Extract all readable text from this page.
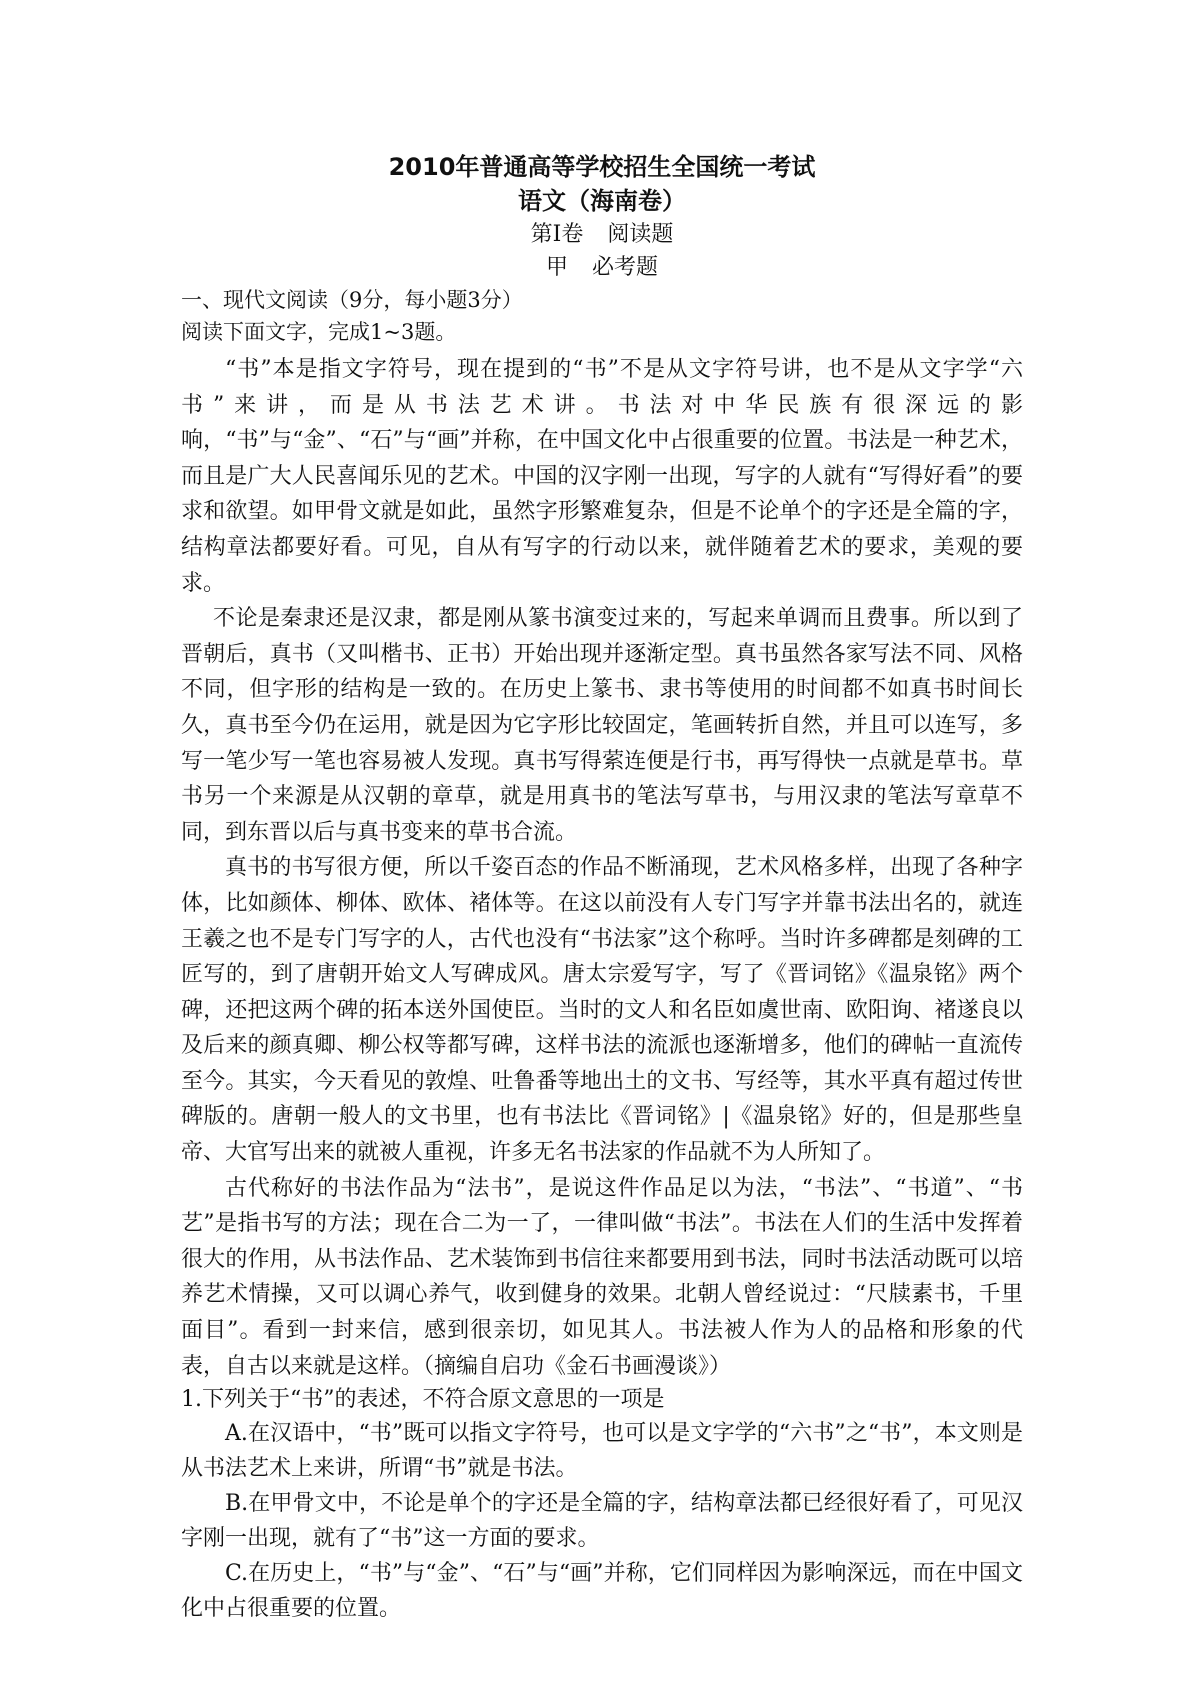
2010年普通高等学校招生全国统一考试
语文（海南卷）

第Ⅰ卷 阅读题

甲 必考题

一、现代文阅读（9分，每小题3分）

阅读下面文字，完成1~3题。

“书”本是指文字符号，现在提到的“书”不是从文字符号讲，也不是从文字学“六书”来讲，而是从书法艺术讲。书法对中华民族有很深远的影响，“书”与“金”、“石”与“画”并称，在中国文化中占很重要的位置。书法是一种艺术，而且是广大人民喜闻乐见的艺术。中国的汉字刚一出现，写字的人就有“写得好看”的要求和欲望。如甲骨文就是如此，虽然字形繁难复杂，但是不论单个的字还是全篇的字，结构章法都要好看。可见，自从有写字的行动以来，就伴随着艺术的要求，美观的要求。

不论是秦隶还是汉隶，都是刚从篆书演变过来的，写起来单调而且费事。所以到了晋朝后，真书（又叫楷书、正书）开始出现并逐渐定型。真书虽然各家写法不同、风格不同，但字形的结构是一致的。在历史上篆书、隶书等使用的时间都不如真书时间长久，真书至今仍在运用，就是因为它字形比较固定，笔画转折自然，并且可以连写，多写一笔少写一笔也容易被人发现。真书写得萦连便是行书，再写得快一点就是草书。草书另一个来源是从汉朝的章草，就是用真书的笔法写草书，与用汉隶的笔法写章草不同，到东晋以后与真书变来的草书合流。

真书的书写很方便，所以千姿百态的作品不断涌现，艺术风格多样，出现了各种字体，比如颜体、柳体、欧体、褚体等。在这以前没有人专门写字并靠书法出名的，就连王羲之也不是专门写字的人，古代也没有“书法家”这个称呼。当时许多碑都是刻碑的工匠写的，到了唐朝开始文人写碑成风。唐太宗爱写字，写了《晋词铭》《温泉铭》两个碑，还把这两个碑的拓本送外国使臣。当时的文人和名臣如虞世南、欧阳询、褚遂良以及后来的颜真卿、柳公权等都写碑，这样书法的流派也逐渐增多，他们的碑帖一直流传至今。其实，今天看见的敦煌、吐鲁番等地出土的文书、写经等，其水平真有超过传世碑版的。唐朝一般人的文书里，也有书法比《晋词铭》|《温泉铭》好的，但是那些皇帝、大官写出来的就被人重视，许多无名书法家的作品就不为人所知了。

古代称好的书法作品为“法书”，是说这件作品足以为法，“书法”、“书道”、“书艺”是指书写的方法；现在合二为一了，一律叫做“书法”。书法在人们的生活中发挥着很大的作用，从书法作品、艺术装饰到书信往来都要用到书法，同时书法活动既可以培养艺术情操，又可以调心养气，收到健身的效果。北朝人曾经说过：“尺牍素书，千里面目”。看到一封来信，感到很亲切，如见其人。书法被人作为人的品格和形象的代表，自古以来就是这样。（摘编自启功《金石书画漫谈》）

1.下列关于“书”的表述，不符合原文意思的一项是

A.在汉语中，“书”既可以指文字符号，也可以是文字学的“六书”之“书”，本文则是从书法艺术上来讲，所谓“书”就是书法。

B.在甲骨文中，不论是单个的字还是全篇的字，结构章法都已经很好看了，可见汉字刚一出现，就有了“书”这一方面的要求。

C.在历史上，“书”与“金”、“石”与“画”并称，它们同样因为影响深远，而在中国文化中占很重要的位置。
